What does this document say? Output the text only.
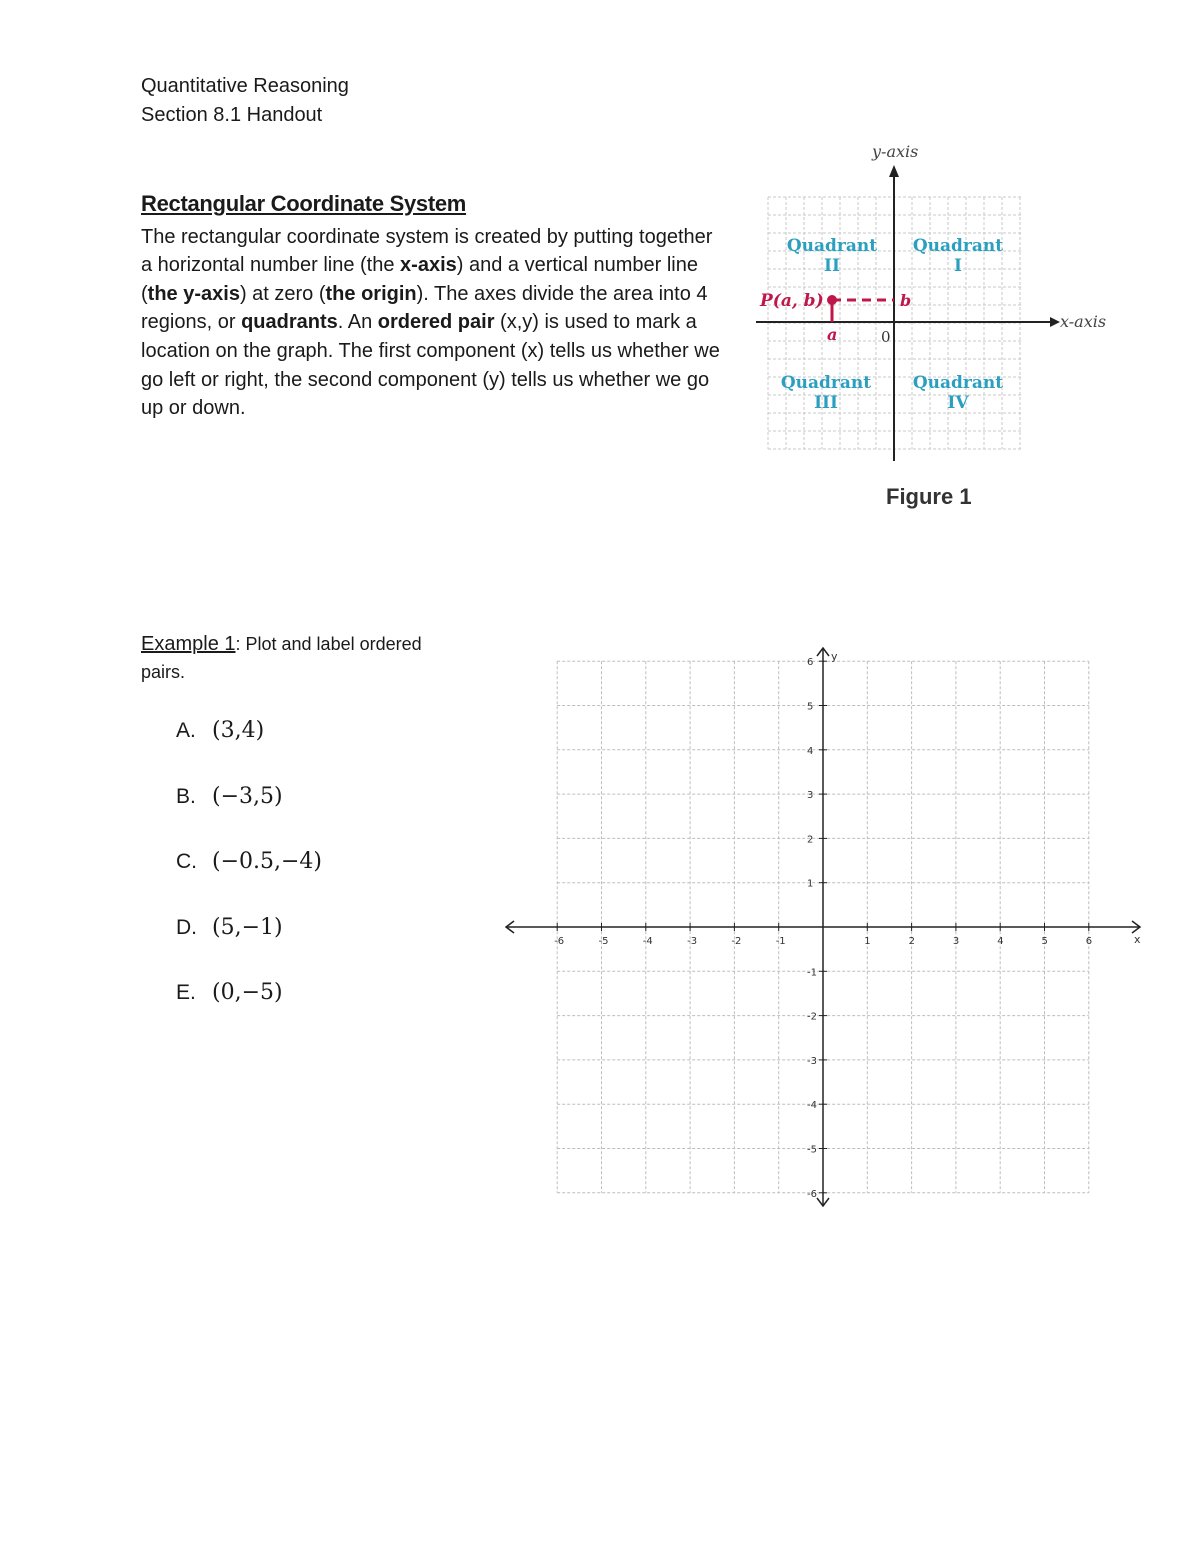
Quantitative Reasoning
Section 8.1 Handout
Rectangular Coordinate System
The rectangular coordinate system is created by putting together a horizontal number line (the x-axis) and a vertical number line (the y-axis) at zero (the origin). The axes divide the area into 4 regions, or quadrants. An ordered pair (x,y) is used to mark a location on the graph. The first component (x) tells us whether we go left or right, the second component (y) tells us whether we go up or down.
y-axis
x-axis
Quadrant
II
Quadrant
I
Quadrant
III
Quadrant
IV
P(a, b)
a
b
0
Figure 1
Example 1: Plot and label ordered pairs.
A. (3,4)
B. (−3,5)
C. (−0.5,−4)
D. (5,−1)
E. (0,−5)
-6	-5	-4	-3	-2	-1	1	2	3	4	5	6
6
5
4
3
2
1
-1
-2
-3
-4
-5
-6
x
y
